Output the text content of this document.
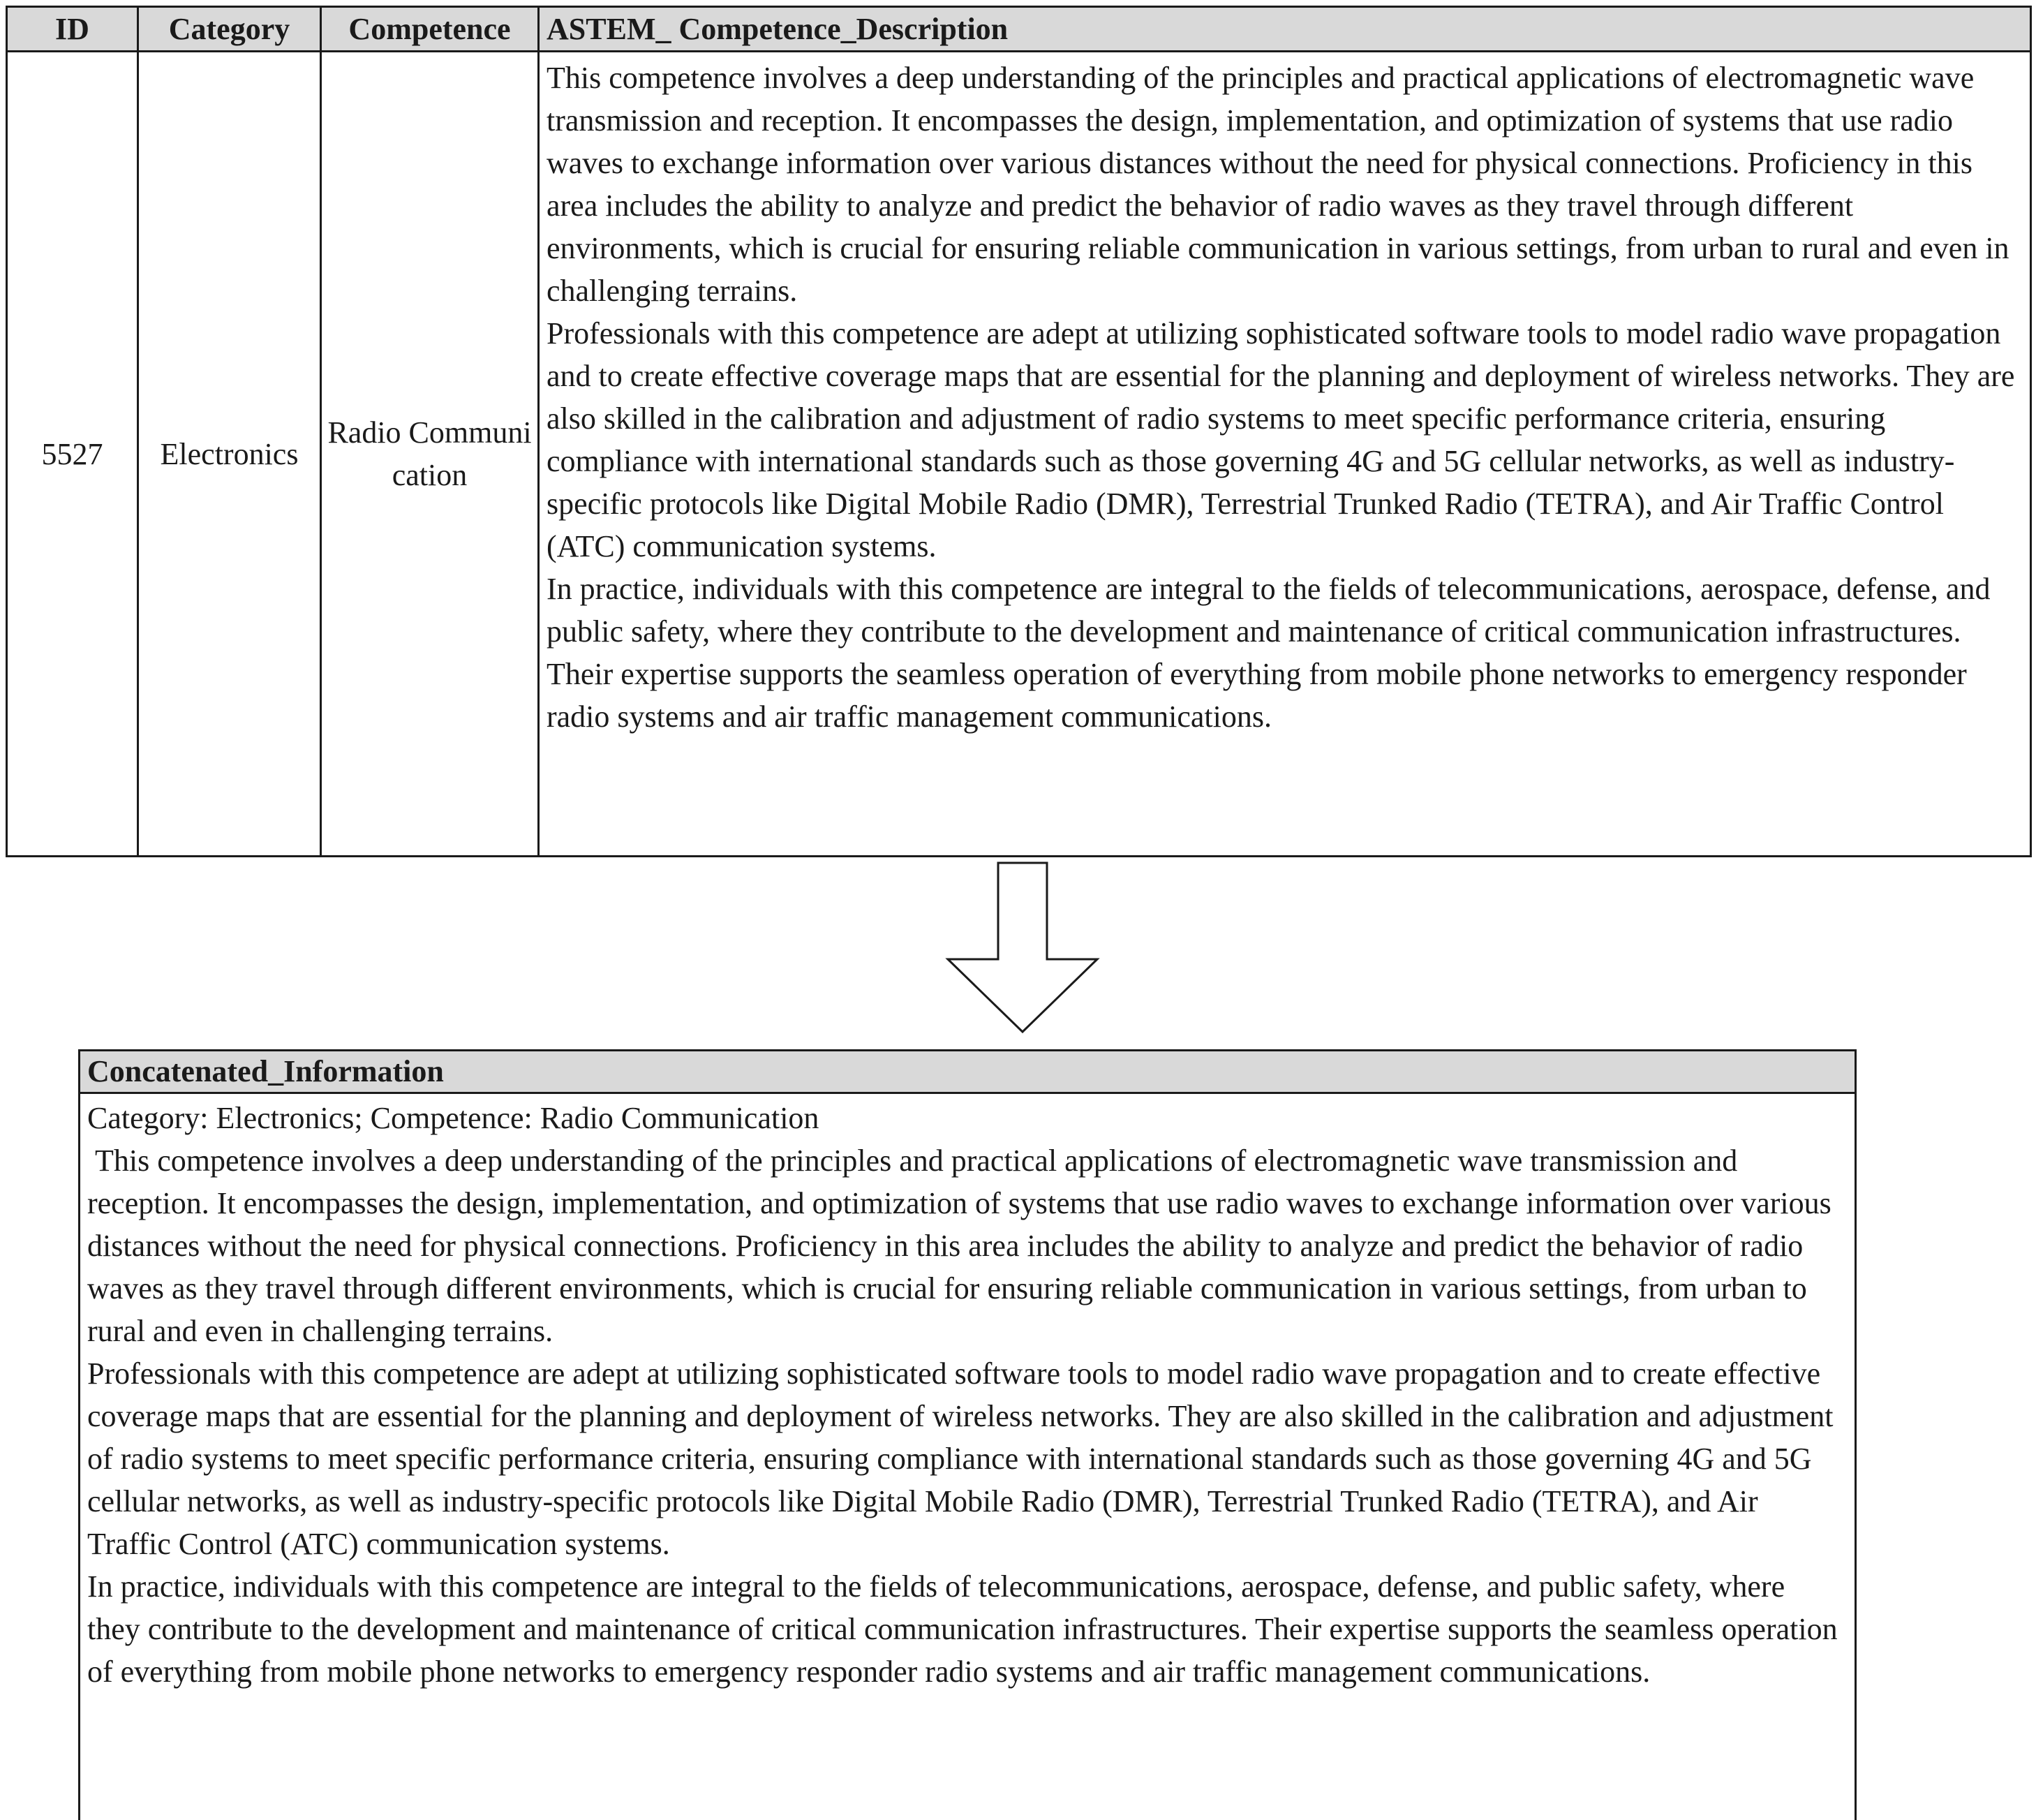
ID	Category	Competence	ASTEM_ Competence_Description
5527	Electronics	Radio Communication	This competence involves a deep understanding of the principles and practical applications of electromagnetic wave transmission and reception. It encompasses the design, implementation, and optimization of systems that use radio waves to exchange information over various distances without the need for physical connections. Proficiency in this area includes the ability to analyze and predict the behavior of radio waves as they travel through different environments, which is crucial for ensuring reliable communication in various settings, from urban to rural and even in challenging terrains.
Professionals with this competence are adept at utilizing sophisticated software tools to model radio wave propagation and to create effective coverage maps that are essential for the planning and deployment of wireless networks. They are also skilled in the calibration and adjustment of radio systems to meet specific performance criteria, ensuring compliance with international standards such as those governing 4G and 5G cellular networks, as well as industry-specific protocols like Digital Mobile Radio (DMR), Terrestrial Trunked Radio (TETRA), and Air Traffic Control (ATC) communication systems.
In practice, individuals with this competence are integral to the fields of telecommunications, aerospace, defense, and public safety, where they contribute to the development and maintenance of critical communication infrastructures. Their expertise supports the seamless operation of everything from mobile phone networks to emergency responder radio systems and air traffic management communications.
Concatenated_Information
Category: Electronics; Competence: Radio Communication
This competence involves a deep understanding of the principles and practical applications of electromagnetic wave transmission and reception. It encompasses the design, implementation, and optimization of systems that use radio waves to exchange information over various distances without the need for physical connections. Proficiency in this area includes the ability to analyze and predict the behavior of radio waves as they travel through different environments, which is crucial for ensuring reliable communication in various settings, from urban to rural and even in challenging terrains.
Professionals with this competence are adept at utilizing sophisticated software tools to model radio wave propagation and to create effective coverage maps that are essential for the planning and deployment of wireless networks. They are also skilled in the calibration and adjustment of radio systems to meet specific performance criteria, ensuring compliance with international standards such as those governing 4G and 5G cellular networks, as well as industry-specific protocols like Digital Mobile Radio (DMR), Terrestrial Trunked Radio (TETRA), and Air Traffic Control (ATC) communication systems.
In practice, individuals with this competence are integral to the fields of telecommunications, aerospace, defense, and public safety, where they contribute to the development and maintenance of critical communication infrastructures. Their expertise supports the seamless operation of everything from mobile phone networks to emergency responder radio systems and air traffic management communications.
